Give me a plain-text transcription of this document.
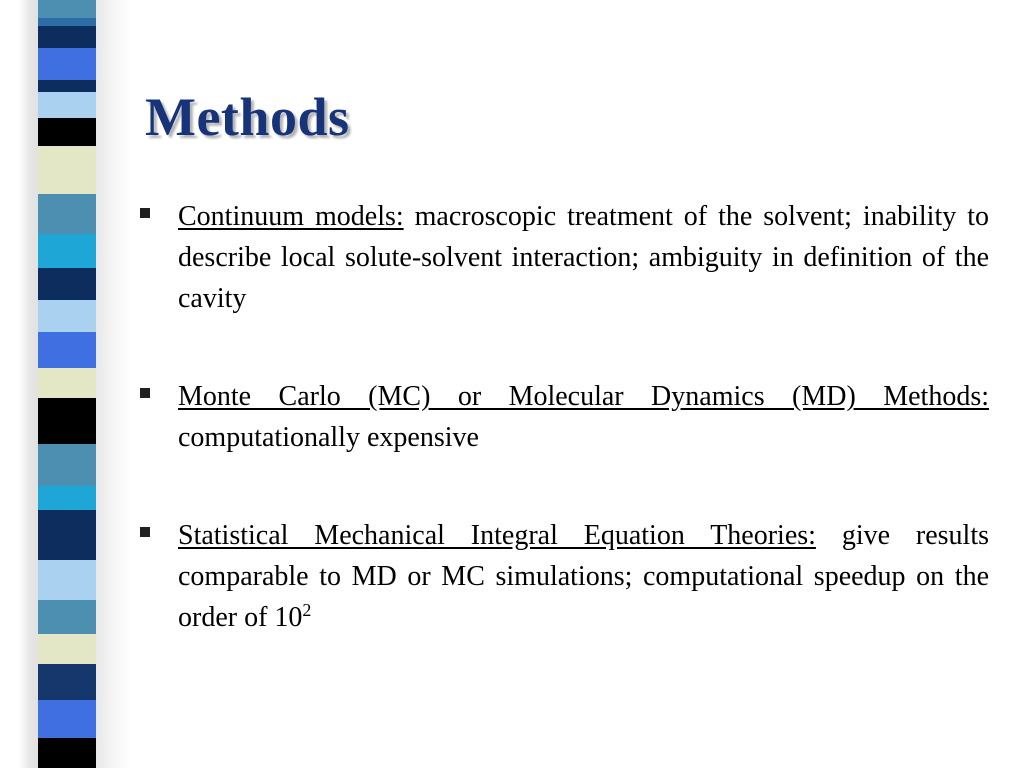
Methods

Continuum models: macroscopic treatment of the solvent; inability to describe local solute-solvent interaction; ambiguity in definition of the cavity

Monte Carlo (MC) or Molecular Dynamics (MD) Methods: computationally expensive

Statistical Mechanical Integral Equation Theories: give results comparable to MD or MC simulations; computational speedup on the order of $10^2$
